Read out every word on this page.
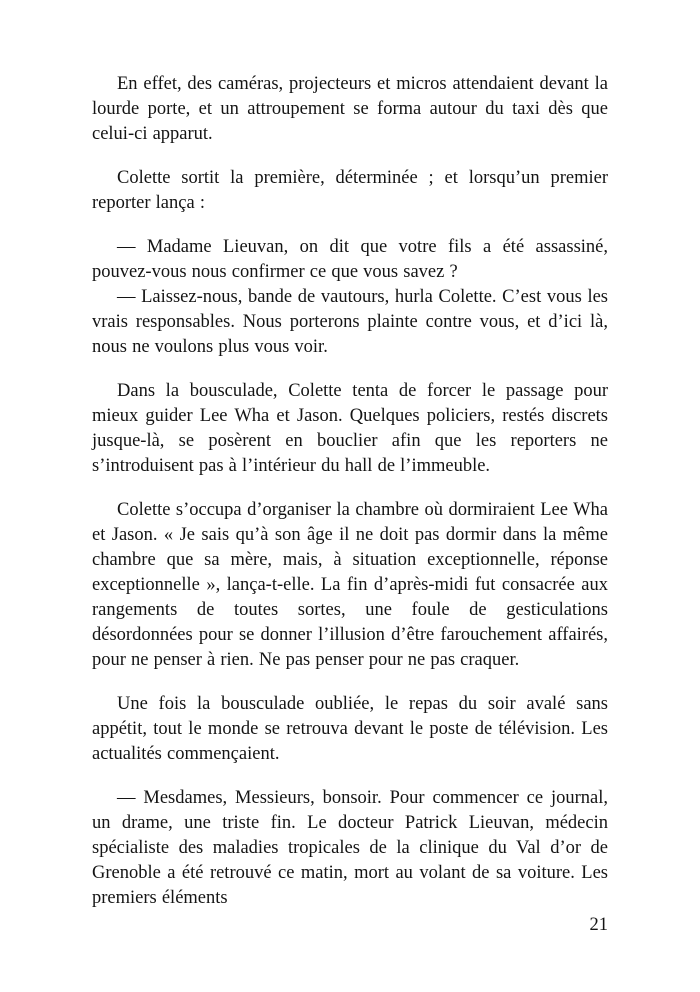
En effet, des caméras, projecteurs et micros attendaient devant la lourde porte, et un attroupement se forma autour du taxi dès que celui-ci apparut.

Colette sortit la première, déterminée ; et lorsqu’un premier reporter lança :

— Madame Lieuvan, on dit que votre fils a été assassiné, pouvez-vous nous confirmer ce que vous savez ?

— Laissez-nous, bande de vautours, hurla Colette. C’est vous les vrais responsables. Nous porterons plainte contre vous, et d’ici là, nous ne voulons plus vous voir.

Dans la bousculade, Colette tenta de forcer le passage pour mieux guider Lee Wha et Jason. Quelques policiers, restés discrets jusque-là, se posèrent en bouclier afin que les reporters ne s’introduisent pas à l’intérieur du hall de l’immeuble.

Colette s’occupa d’organiser la chambre où dormiraient Lee Wha et Jason. « Je sais qu’à son âge il ne doit pas dormir dans la même chambre que sa mère, mais, à situation exceptionnelle, réponse exceptionnelle », lança-t-elle. La fin d’après-midi fut consacrée aux rangements de toutes sortes, une foule de gesticulations désordonnées pour se donner l’illusion d’être farouchement affairés, pour ne penser à rien. Ne pas penser pour ne pas craquer.

Une fois la bousculade oubliée, le repas du soir avalé sans appétit, tout le monde se retrouva devant le poste de télévision. Les actualités commençaient.

— Mesdames, Messieurs, bonsoir. Pour commencer ce journal, un drame, une triste fin. Le docteur Patrick Lieuvan, médecin spécialiste des maladies tropicales de la clinique du Val d’or de Grenoble a été retrouvé ce matin, mort au volant de sa voiture. Les premiers éléments

21
